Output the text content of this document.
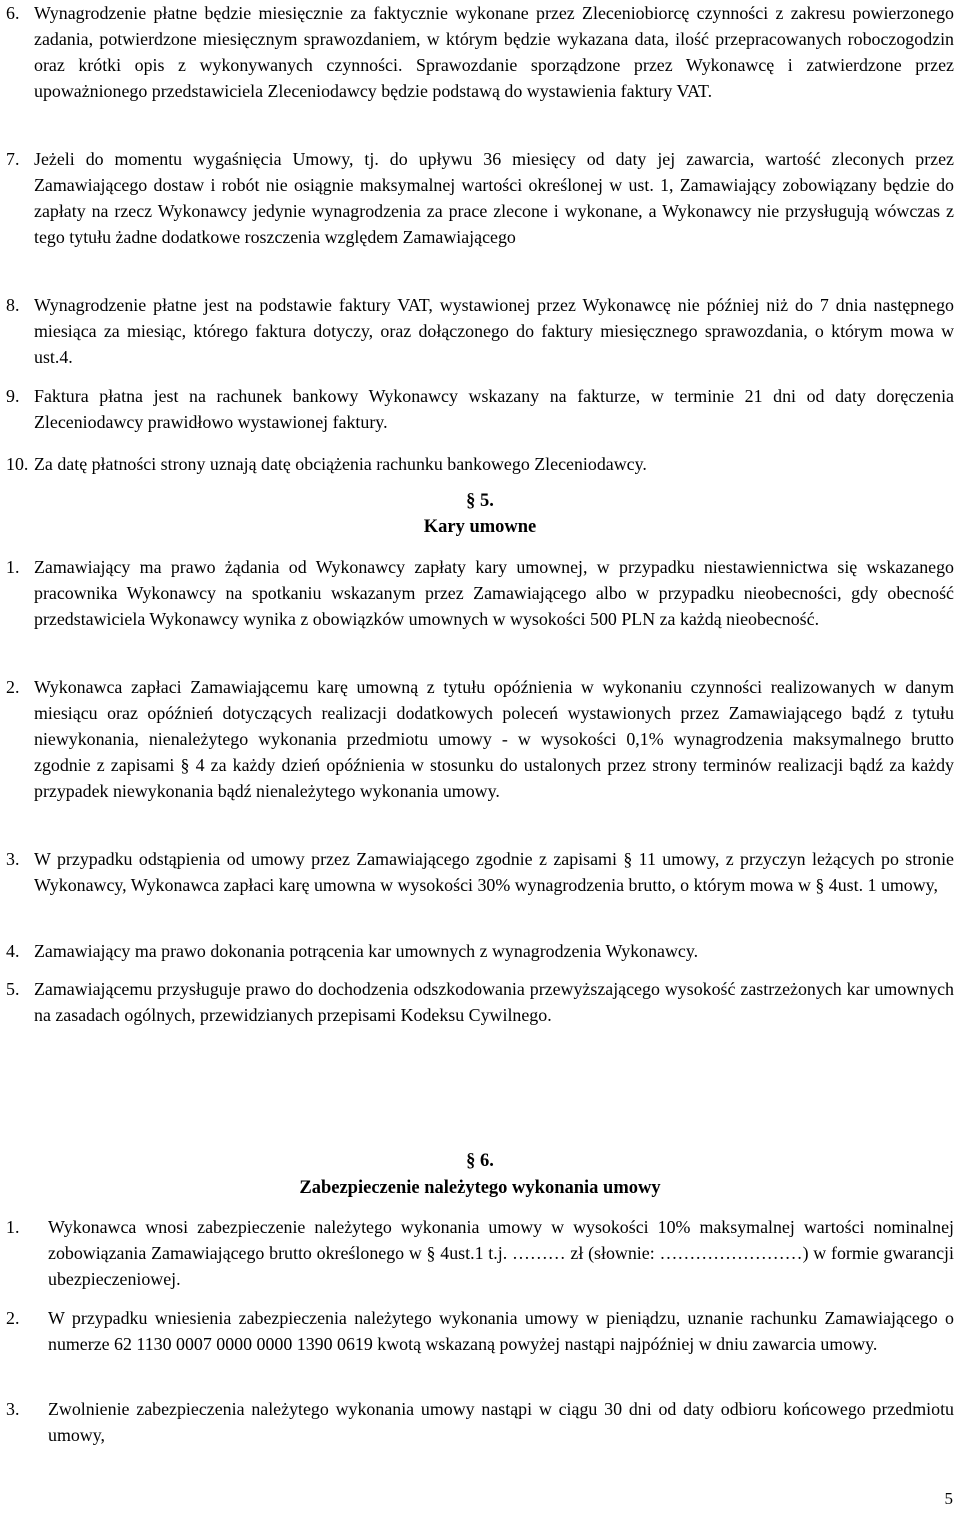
6. Wynagrodzenie płatne będzie miesięcznie za faktycznie wykonane przez Zleceniobiorcę czynności z zakresu powierzonego zadania, potwierdzone miesięcznym sprawozdaniem, w którym będzie wykazana data, ilość przepracowanych roboczogodzin oraz krótki opis z wykonywanych czynności. Sprawozdanie sporządzone przez Wykonawcę i zatwierdzone przez upoważnionego przedstawiciela Zleceniodawcy będzie podstawą do wystawienia faktury VAT.
7. Jeżeli do momentu wygaśnięcia Umowy, tj. do upływu 36 miesięcy od daty jej zawarcia, wartość zleconych przez Zamawiającego dostaw i robót nie osiągnie maksymalnej wartości określonej w ust. 1, Zamawiający zobowiązany będzie do zapłaty na rzecz Wykonawcy jedynie wynagrodzenia za prace zlecone i wykonane, a Wykonawcy nie przysługują wówczas z tego tytułu żadne dodatkowe roszczenia względem Zamawiającego
8. Wynagrodzenie płatne jest na podstawie faktury VAT, wystawionej przez Wykonawcę nie później niż do 7 dnia następnego miesiąca za miesiąc, którego faktura dotyczy, oraz dołączonego do faktury miesięcznego sprawozdania, o którym mowa w ust.4.
9. Faktura płatna jest na rachunek bankowy Wykonawcy wskazany na fakturze, w terminie 21 dni od daty doręczenia Zleceniodawcy prawidłowo wystawionej faktury.
10. Za datę płatności strony uznają datę obciążenia rachunku bankowego Zleceniodawcy.
§ 5.
Kary umowne
1. Zamawiający ma prawo żądania od Wykonawcy zapłaty kary umownej, w przypadku niestawiennictwa się wskazanego pracownika Wykonawcy na spotkaniu wskazanym przez Zamawiającego albo w przypadku nieobecności, gdy obecność przedstawiciela Wykonawcy wynika z obowiązków umownych w wysokości 500 PLN za każdą nieobecność.
2. Wykonawca zapłaci Zamawiającemu karę umowną z tytułu opóźnienia w wykonaniu czynności realizowanych w danym miesiącu oraz opóźnień dotyczących realizacji dodatkowych poleceń wystawionych przez Zamawiającego bądź z tytułu niewykonania, nienależytego wykonania przedmiotu umowy - w wysokości 0,1% wynagrodzenia maksymalnego brutto zgodnie z zapisami § 4 za każdy dzień opóźnienia w stosunku do ustalonych przez strony terminów realizacji bądź za każdy przypadek niewykonania bądź nienależytego wykonania umowy.
3. W przypadku odstąpienia od umowy przez Zamawiającego zgodnie z zapisami § 11 umowy, z przyczyn leżących po stronie Wykonawcy, Wykonawca zapłaci karę umowna w wysokości 30% wynagrodzenia brutto, o którym mowa w § 4ust. 1 umowy,
4. Zamawiający ma prawo dokonania potrącenia kar umownych z wynagrodzenia Wykonawcy.
5. Zamawiającemu przysługuje prawo do dochodzenia odszkodowania przewyższającego wysokość zastrzeżonych kar umownych na zasadach ogólnych, przewidzianych przepisami Kodeksu Cywilnego.
§ 6.
Zabezpieczenie należytego wykonania umowy
1.	Wykonawca wnosi zabezpieczenie należytego wykonania umowy w wysokości 10% maksymalnej wartości nominalnej zobowiązania Zamawiającego brutto określonego w § 4ust.1 t.j. ……… zł (słownie: ……………………) w formie gwarancji ubezpieczeniowej.
2.	W przypadku wniesienia zabezpieczenia należytego wykonania umowy w pieniądzu, uznanie rachunku Zamawiającego o numerze 62 1130 0007 0000 0000 1390 0619 kwotą wskazaną powyżej nastąpi najpóźniej w dniu zawarcia umowy.
3.	Zwolnienie zabezpieczenia należytego wykonania umowy nastąpi w ciągu 30 dni od daty odbioru końcowego przedmiotu umowy,
5
